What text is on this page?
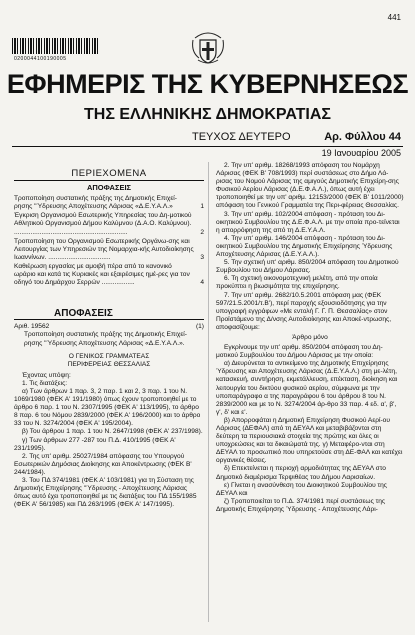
441
0200044100190005
ΕΦΗΜΕΡΙΣ ΤΗΣ ΚΥΒΕΡΝΗΣΕΩΣ
ΤΗΣ ΕΛΛΗΝΙΚΗΣ ΔΗΜΟΚΡΑΤΙΑΣ
ΤΕΥΧΟΣ ΔΕΥΤΕΡΟ	Αρ. Φύλλου 44
19 Ιανουαρίου 2005
ΠΕΡΙΕΧΟΜΕΝΑ
ΑΠΟΦΑΣΕΙΣ
Τροποποίηση συστατικής πράξης της Δημοτικής Επιχεί-ρησης "Ύδρευσης Αποχέτευσης Λάρισας «Δ.Ε.Υ.Α.Λ.»	1
Έγκριση Οργανισμού Εσωτερικής Υπηρεσίας του Δη-μοτικού Αθλητικού Οργανισμού Δήμου Καλύμνου (Δ.Α.Ο. Καλύμνου). ..............................................................	2
Τροποποίηση του Οργανισμού Εσωτερικής Οργάνω-σης και Λειτουργίας των Υπηρεσιών της Νομαρχια-κής Αυτοδιοίκησης Ιωαννίνων. ..................................	3
Καθιέρωση εργασίας με αμοιβή πέρα από το κανονικό ωράριο και κατά τις Κυριακές και εξαιρέσιμες ημέ-ρες για τον οδηγό του Δημάρχου Σερρών ..................	4
ΑΠΟΦΑΣΕΙΣ
Αριθ. 19562	(1)
Τροποποίηση συστατικής πράξης της Δημοτικής Επιχεί-ρησης "Ύδρευσης Αποχέτευσης Λάρισας «Δ.Ε.Υ.Α.Λ.».
Ο ΓΕΝΙΚΟΣ ΓΡΑΜΜΑΤΕΑΣ
ΠΕΡΙΦΕΡΕΙΑΣ ΘΕΣΣΑΛΙΑΣ

Έχοντας υπόψη:

1. Τις διατάξεις:

α) Των άρθρων 1 παρ. 3, 2 παρ. 1 και 2, 3 παρ. 1 του Ν. 1069/1980 (ΦΕΚ Α' 191/1980) όπως έχουν τροποποιηθεί με το άρθρο 6 παρ. 1 του Ν. 2307/1995 (ΦΕΚ Α' 113/1995), το άρθρο 8 παρ. 6 του Νόμου 2839/2000 (ΦΕΚ Α' 196/2000) και το άρθρο 33 του Ν. 3274/2004 (ΦΕΚ Α' 195/2004).

β) Του άρθρου 1 παρ. 1 του Ν. 2647/1998 (ΦΕΚ Α' 237/1998).

γ) Των άρθρων 277 -287 του Π.Δ. 410/1995 (ΦΕΚ Α' 231/1995).

2. Της υπ' αριθμ. 25027/1984 απόφασης του Υπουργού Εσωτερικών Δημόσιας Διοίκησης και Αποκέντρωσης (ΦΕΚ Β' 244/1984).

3. Του ΠΔ 374/1981 (ΦΕΚ Α' 103/1981) για τη Σύσταση της Δημοτικής Επιχείρησης "Ύδρευσης - Αποχέτευσης Λάρισας όπως αυτό έχει τροποποιηθεί με τις διατάξεις του ΠΔ 155/1985 (ΦΕΚ Α' 56/1985) και ΠΔ 263/1995 (ΦΕΚ Α' 147/1995).

2. Την υπ' αριθμ. 18268/1993 απόφαση του Νομάρχη Λάρισας (ΦΕΚ Β' 708/1993) περί συστάσεως στο Δήμο Λά-ρισας του Νομού Λάρισας της αμιγούς Δημοτικής Επιχείρη-σης Φυσικού Αερίου Λάρισας (Δ.Ε.Φ.Α.Λ.), όπως αυτή έχει τροποποιηθεί με την υπ' αριθμ. 12153/2000 (ΦΕΚ Β' 1011/2000) απόφαση του Γενικού Γραμματέα της Περι-φέρειας Θεσσαλίας.

3. Την υπ' αριθμ. 102/2004 απόφαση - πρόταση του Δι-οικητικού Συμβουλίου της Δ.Ε.Φ.Α.Λ. με την οποία προ-τείνεται η απορρόφηση της από τη Δ.Ε.Υ.Α.Λ.

4. Την υπ' αριθμ. 146/2004 απόφαση - πρόταση του Δι-οικητικού Συμβουλίου της Δημοτικής Επιχείρησης Ύδρευσης Αποχέτευσης Λάρισας (Δ.Ε.Υ.Α.Λ.).

5. Την σχετική υπ' αριθμ. 850/2004 απόφαση του Δημοτικού Συμβουλίου του Δήμου Λάρισας.

6. Τη σχετική οικονομοτεχνική μελέτη, από την οποία προκύπτει η βιωσιμότητα της επιχείρησης.

7. Την υπ' αριθμ. 2682/10.5.2001 απόφαση μας (ΦΕΚ 597/21.5.2001/τ.Β'), περί παροχής εξουσιοδότησης για την υπογραφή εγγράφων «Με εντολή Γ. Γ. Π. Θεσσαλίας» στον Προϊστάμενο της Δ/νσης Αυτοδιοίκησης και Αποκέ-ντρωσης, αποφασίζουμε:

Άρθρο μόνο

Εγκρίνουμε την υπ' αριθμ. 850/2004 απόφαση του Δη-μοτικού Συμβουλίου του Δήμου Λάρισας με την οποία:

α) Διευρύνεται το αντικείμενο της Δημοτικής Επιχείρησης Ύδρευσης και Αποχέτευσης Λάρισας (Δ.Ε.Υ.Α.Λ.) στη με-λέτη, κατασκευή, συντήρηση, εκμετάλλευση, επέκταση, διοίκηση και λειτουργία του δικτύου φυσικού αερίου, σύμφωνα με την υποπαράγραφο α της παραγράφου 6 του άρθρου 8 του Ν. 2839/2000 και με το Ν. 3274/2004 άρ-θρο 33 παρ. 4 εδ. α', β', γ', δ' και ε'.

β) Απορροφάται η Δημοτική Επιχείρηση Φυσικού Αερί-ου Λάρισας (ΔΕΦΑΛ) από τη ΔΕΥΑΛ και μεταβιβάζονται στη δεύτερη τα περιουσιακά στοιχεία της πρώτης και όλες οι υποχρεώσεις και τα δικαιώματά της. γ) Μεταφέρο-νται στη ΔΕΥΑΛ το προσωπικό που υπηρετούσε στη ΔΕ-ΦΑΛ και κατέχει οργανικές θέσεις.

δ) Επεκτείνεται η περιοχή αρμοδιότητας της ΔΕΥΑΛ στο Δημοτικό διαμέρισμα Τερψιθέας του Δήμου Λαρισαίων.

ε) Γίνεται η ανασύνθεση του Διοικητικού Συμβουλίου της ΔΕΥΑΛ και

ζ) Τροποποιείται το Π.Δ. 374/1981 περί συστάσεως της Δημοτικής Επιχείρησης Ύδρευσης - Αποχέτευσης Λάρι-
